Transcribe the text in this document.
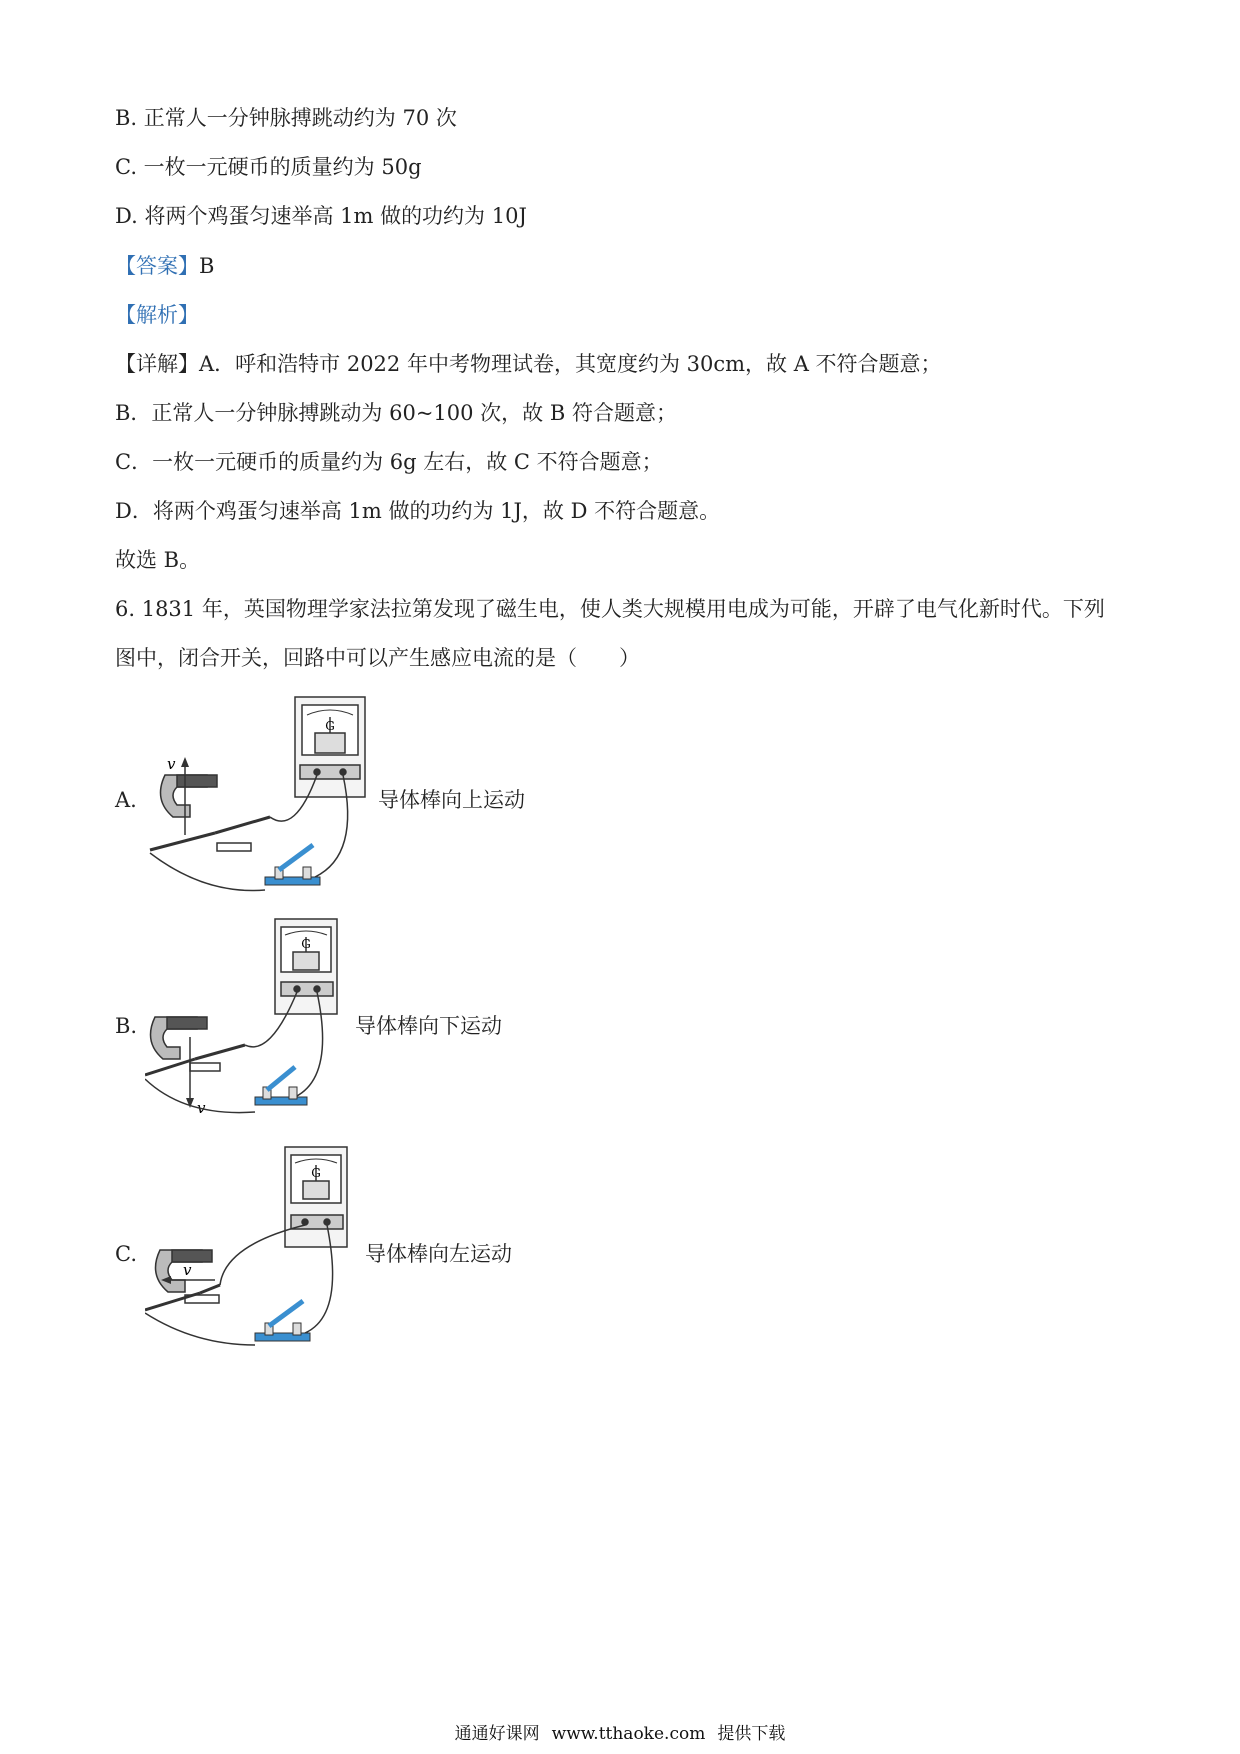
B. 正常人一分钟脉搏跳动约为 70 次
C. 一枚一元硬币的质量约为 50g
D. 将两个鸡蛋匀速举高 1m 做的功约为 10J
【答案】B
【解析】
【详解】A．呼和浩特市 2022 年中考物理试卷，其宽度约为 30cm，故 A 不符合题意；
B．正常人一分钟脉搏跳动为 60~100 次，故 B 符合题意；
C．一枚一元硬币的质量约为 6g 左右，故 C 不符合题意；
D．将两个鸡蛋匀速举高 1m 做的功约为 1J，故 D 不符合题意。
故选 B。
6. 1831 年，英国物理学家法拉第发现了磁生电，使人类大规模用电成为可能，开辟了电气化新时代。下列
图中，闭合开关，回路中可以产生感应电流的是（　　）
A.
G
v
导体棒向上运动
B.
G
v
导体棒向下运动
C.
G
v
导体棒向左运动
通通好课网 www.tthaoke.com 提供下载
